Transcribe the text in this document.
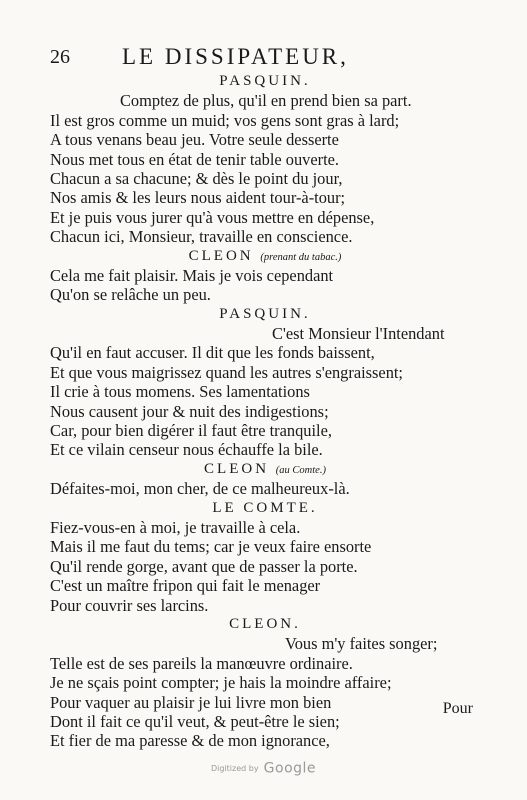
26 LE DISSIPATEUR,
PASQUIN.
Comptez de plus, qu'il en prend bien sa part.
Il est gros comme un muid; vos gens sont gras à lard;
A tous venans beau jeu. Votre seule desserte
Nous met tous en état de tenir table ouverte.
Chacun a sa chacune; & dès le point du jour,
Nos amis & les leurs nous aident tour-à-tour;
Et je puis vous jurer qu'à vous mettre en dépense,
Chacun ici, Monsieur, travaille en conscience.
CLEON (prenant du tabac.)
Cela me fait plaisir. Mais je vois cependant
Qu'on se relâche un peu.
PASQUIN.
C'est Monsieur l'Intendant
Qu'il en faut accuser. Il dit que les fonds baissent,
Et que vous maigrissez quand les autres s'engraissent;
Il crie à tous momens. Ses lamentations
Nous causent jour & nuit des indigestions;
Car, pour bien digérer il faut être tranquile,
Et ce vilain censeur nous échauffe la bile.
CLEON (au Comte.)
Défaites-moi, mon cher, de ce malheureux-là.
LE COMTE.
Fiez-vous-en à moi, je travaille à cela.
Mais il me faut du tems; car je veux faire ensorte
Qu'il rende gorge, avant que de passer la porte.
C'est un maître fripon qui fait le menager
Pour couvrir ses larcins.
CLEON.
Vous m'y faites songer;
Telle est de ses pareils la manœuvre ordinaire.
Je ne sçais point compter; je hais la moindre affaire;
Pour vaquer au plaisir je lui livre mon bien
Dont il fait ce qu'il veut, & peut-être le sien;
Et fier de ma paresse & de mon ignorance,
Pour
Digitized by Google
